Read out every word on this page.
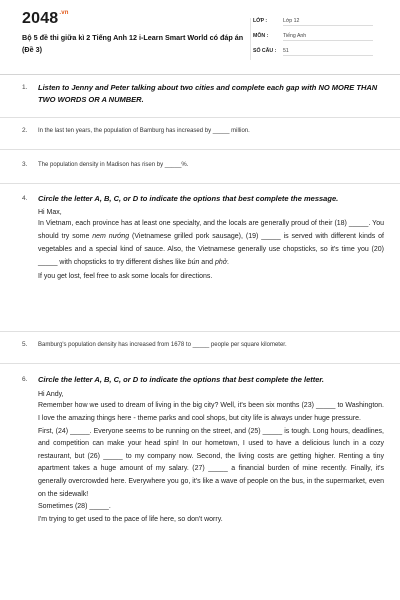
$2048^{.vn}$
Bộ 5 đề thi giữa kì 2 Tiếng Anh 12 i-Learn Smart World có đáp án (Đề 3)
LỚP :	Lớp 12
MÔN :	Tiếng Anh
SỐ CÂU : 51
1. Listen to Jenny and Peter talking about two cities and complete each gap with NO MORE THAN TWO WORDS OR A NUMBER.

2. In the last ten years, the population of Bamburg has increased by _____ million.

3. The population density in Madison has risen by _____%.

4. Circle the letter A, B, C, or D to indicate the options that best complete the message.

Hi Max,

In Vietnam, each province has at least one specialty, and the locals are generally proud of their (18) _____. You should try some nem nướng (Vietnamese grilled pork sausage), (19) _____ is served with different kinds of vegetables and a special kind of sauce. Also, the Vietnamese generally use chopsticks, so it's time you (20) _____ with chopsticks to try different dishes like bún and phở.

If you get lost, feel free to ask some locals for directions.

5. Bamburg's population density has increased from 1678 to _____ people per square kilometer.

6. Circle the letter A, B, C, or D to indicate the options that best complete the letter.

Hi Andy,

Remember how we used to dream of living in the big city? Well, it's been six months (23) _____ to Washington. I love the amazing things here - theme parks and cool shops, but city life is always under huge pressure.

First, (24) _____. Everyone seems to be running on the street, and (25) _____ is tough. Long hours, deadlines, and competition can make your head spin! In our hometown, I used to have a delicious lunch in a cozy restaurant, but (26) _____ to my company now. Second, the living costs are getting higher. Renting a tiny apartment takes a huge amount of my salary. (27) _____ a financial burden of mine recently. Finally, it's generally overcrowded here. Everywhere you go, it's like a wave of people on the bus, in the supermarket, even on the sidewalk!

Sometimes (28) _____.

I'm trying to get used to the pace of life here, so don't worry.
